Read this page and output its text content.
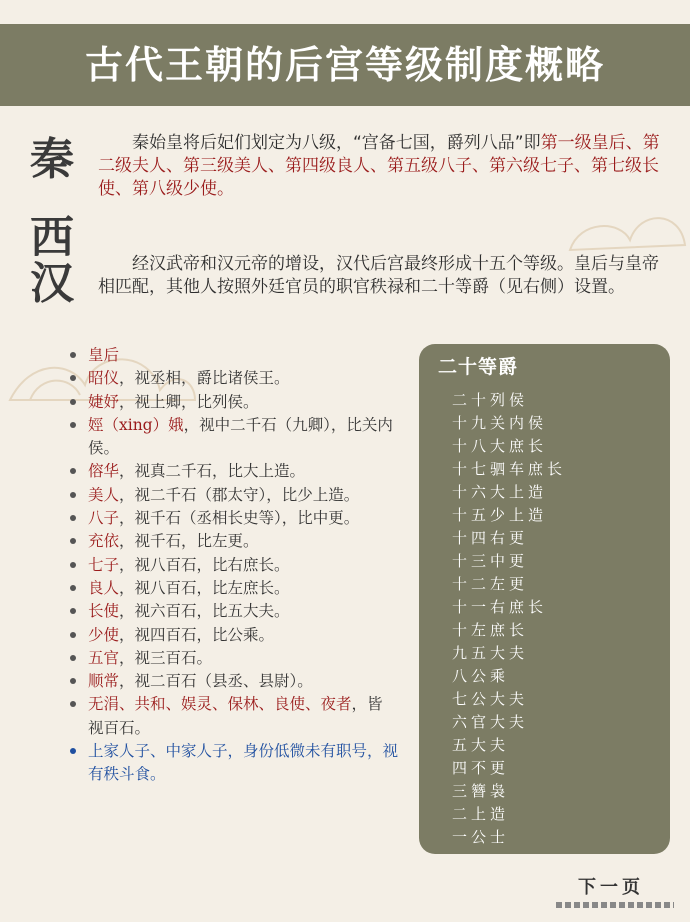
古代王朝的后宫等级制度概略
秦	秦始皇将后妃们划定为八级，“宫备七国，爵列八品”即第一级皇后、第二级夫人、第三级美人、第四级良人、第五级八子、第六级七子、第七级长使、第八级少使。

西
汉	经汉武帝和汉元帝的增设，汉代后宫最终形成十五个等级。皇后与皇帝相匹配，其他人按照外廷官员的职官秩禄和二十等爵（见右侧）设置。

皇后
昭仪，视丞相，爵比诸侯王。
婕妤，视上卿，比列侯。
娙（xing）娥，视中二千石（九卿），比关内侯。
傛华，视真二千石，比大上造。
美人，视二千石（郡太守），比少上造。
八子，视千石（丞相长史等），比中更。
充依，视千石，比左更。
七子，视八百石，比右庶长。
良人，视八百石，比左庶长。
长使，视六百石，比五大夫。
少使，视四百石，比公乘。
五官，视三百石。
顺常，视二百石（县丞、县尉）。
无涓、共和、娱灵、保林、良使、夜者，皆视百石。
上家人子、中家人子，身份低微未有职号，视有秩斗食。
二十等爵
二十列侯
十九关内侯
十八大庶长
十七驷车庶长
十六大上造
十五少上造
十四右更
十三中更
十二左更
十一右庶长
十左庶长
九五大夫
八公乘
七公大夫
六官大夫
五大夫
四不更
三簪袅
二上造
一公士
下一页
